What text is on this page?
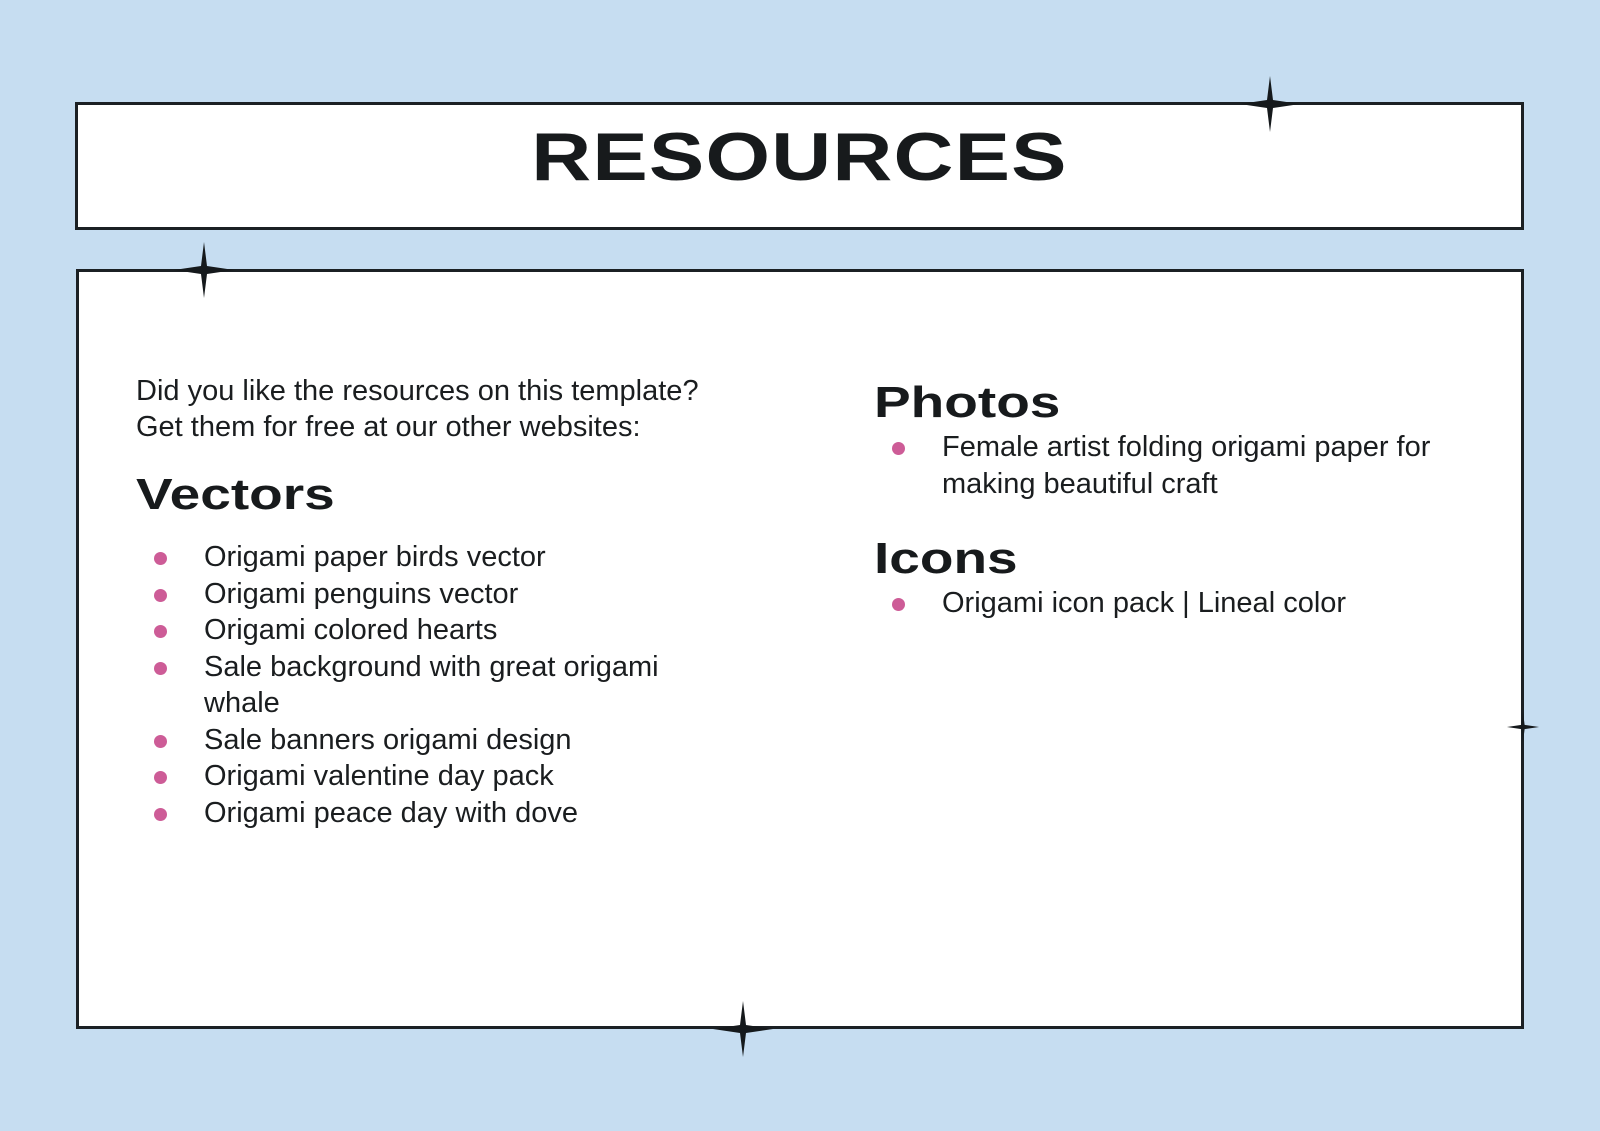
RESOURCES
Did you like the resources on this template?
Get them for free at our other websites:
Vectors
Origami paper birds vector
Origami penguins vector
Origami colored hearts
Sale background with great origami whale
Sale banners origami design
Origami valentine day pack
Origami peace day with dove
Photos
Female artist folding origami paper for making beautiful craft
Icons
Origami icon pack | Lineal color
